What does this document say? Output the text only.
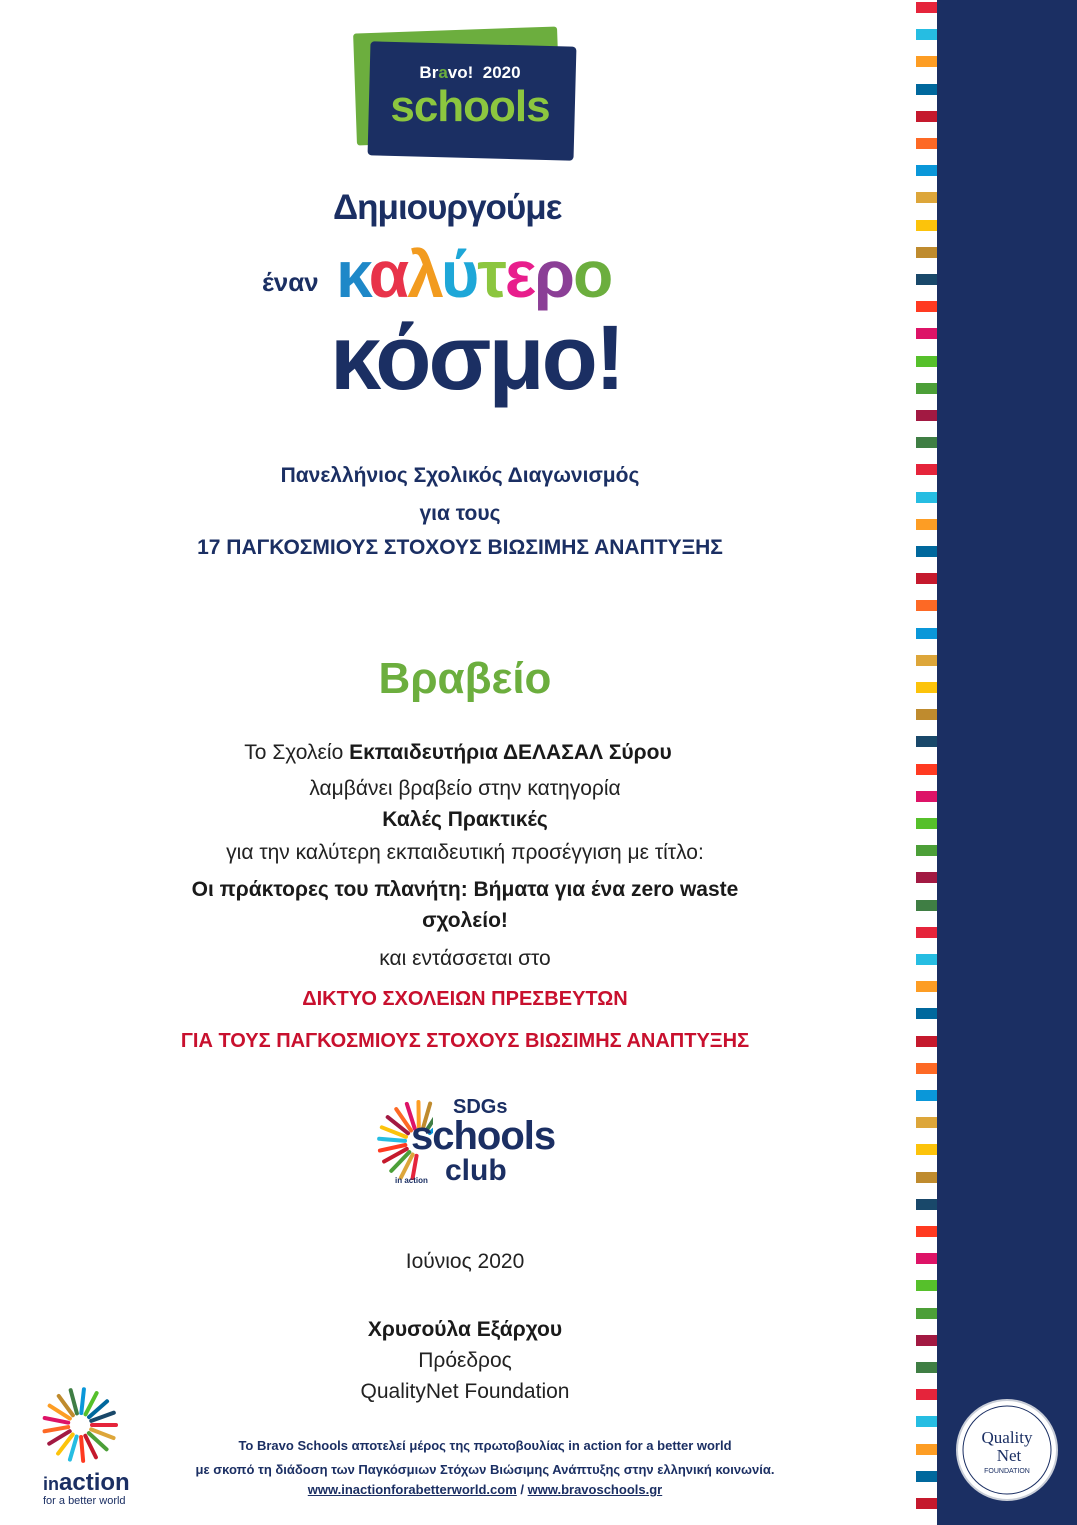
Bravo! 2020
schools
Δημιουργούμε
έναν καλύτερο
κόσμο!
Πανελλήνιος Σχολικός Διαγωνισμός
για τους
17 ΠΑΓΚΟΣΜΙΟΥΣ ΣΤΟΧΟΥΣ ΒΙΩΣΙΜΗΣ ΑΝΑΠΤΥΞΗΣ
Βραβείο
Το Σχολείο Εκπαιδευτήρια ΔΕΛΑΣΑΛ Σύρου
λαμβάνει βραβείο στην κατηγορία
Καλές Πρακτικές
για την καλύτερη εκπαιδευτική προσέγγιση με τίτλο:
Οι πράκτορες του πλανήτη: Βήματα για ένα zero waste
σχολείο!
και εντάσσεται στο
ΔΙΚΤΥΟ ΣΧΟΛΕΙΩΝ ΠΡΕΣΒΕΥΤΩΝ
ΓΙΑ ΤΟΥΣ ΠΑΓΚΟΣΜΙΟΥΣ ΣΤΟΧΟΥΣ ΒΙΩΣΙΜΗΣ ΑΝΑΠΤΥΞΗΣ
SDGs
schools
club
in action
Ιούνιος 2020
Χρυσούλα Εξάρχου
Πρόεδρος
QualityNet Foundation
inaction
for a better world
Το Bravo Schools αποτελεί μέρος της πρωτοβουλίας in action for a better world
με σκοπό τη διάδοση των Παγκόσμιων Στόχων Βιώσιμης Ανάπτυξης στην ελληνική κοινωνία.
www.inactionforabetterworld.com / www.bravoschools.gr
Quality
Net
FOUNDATION
